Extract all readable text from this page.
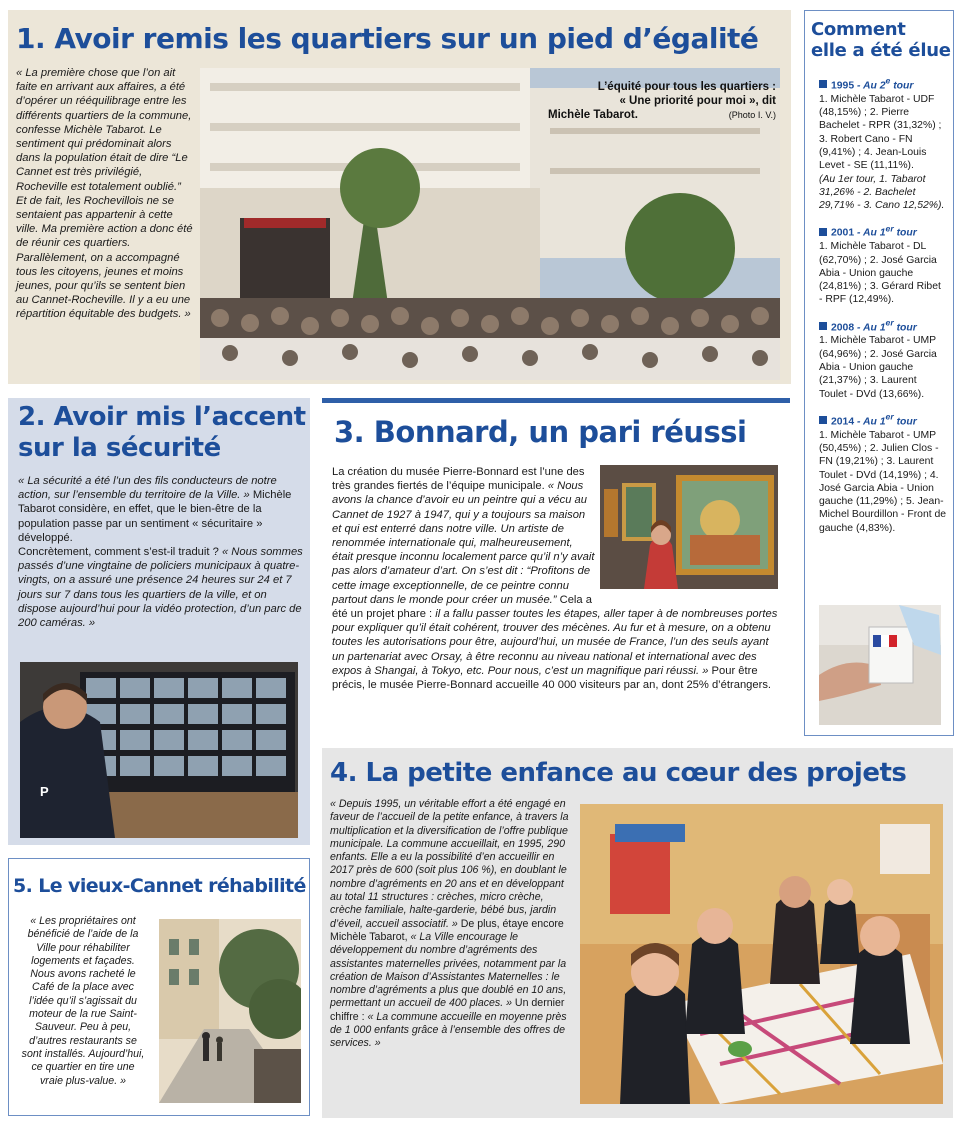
1. Avoir remis les quartiers sur un pied d’égalité
« La première chose que l’on ait faite en arrivant aux affaires, a été d’opérer un rééquilibrage entre les différents quartiers de la commune, confesse Michèle Tabarot. Le sentiment qui prédominait alors dans la population était de dire “Le Cannet est très privilégié, Rocheville est totalement oublié.” Et de fait, les Rochevillois ne se sentaient pas appartenir à cette ville. Ma première action a donc été de réunir ces quartiers. Parallèlement, on a accompagné tous les citoyens, jeunes et moins jeunes, pour qu’ils se sentent bien au Cannet-Rocheville. Il y a eu une répartition équitable des budgets. »
L’équité pour tous les quartiers :
« Une priorité pour moi », dit
Michèle Tabarot.	(Photo I. V.)
2. Avoir mis l’accent
sur la sécurité
« La sécurité a été l’un des fils conducteurs de notre action, sur l’ensemble du territoire de la Ville. » Michèle Tabarot considère, en effet, que le bien-être de la population passe par un sentiment « sécuritaire » développé.
Concrètement, comment s’est-il traduit ? « Nous sommes passés d’une vingtaine de policiers municipaux à quatre-vingts, on a assuré une présence 24 heures sur 24 et 7 jours sur 7 dans tous les quartiers de la ville, et on dispose aujourd’hui pour la vidéo protection, d’un parc de 200 caméras. »
P
3. Bonnard, un pari réussi
La création du musée Pierre-Bonnard est l’une des très grandes fiertés de l’équipe municipale. « Nous avons la chance d’avoir eu un peintre qui a vécu au Cannet de 1927 à 1947, qui y a toujours sa maison et qui est enterré dans notre ville. Un artiste de renommée internationale qui, malheureusement, était presque inconnu localement parce qu’il n’y avait pas alors d’amateur d’art. On s’est dit : “Profitons de cette image exceptionnelle, de ce peintre connu partout dans le monde pour créer un musée.” Cela a été un projet phare : il a fallu passer toutes les étapes, aller taper à de nombreuses portes pour expliquer qu’il était cohérent, trouver des mécènes. Au fur et à mesure, on a obtenu toutes les autorisations pour être, aujourd’hui, un musée de France, l’un des seuls ayant un partenariat avec Orsay, à être reconnu au niveau national et international avec des expos à Shangai, à Tokyo, etc. Pour nous, c’est un magnifique pari réussi. » Pour être précis, le musée Pierre-Bonnard accueille 40 000 visiteurs par an, dont 25% d’étrangers.
Comment
elle a été élue
1995 - Au 2e tour
1. Michèle Tabarot - UDF (48,15%) ; 2. Pierre Bachelet - RPR (31,32%) ; 3. Robert Cano - FN (9,41%) ; 4. Jean-Louis Levet - SE (11,11%).
(Au 1er tour, 1. Tabarot 31,26% - 2. Bachelet 29,71% - 3. Cano 12,52%).
2001 - Au 1er tour
1. Michèle Tabarot - DL (62,70%) ; 2. José Garcia Abia - Union gauche (24,81%) ; 3. Gérard Ribet - RPF (12,49%).
2008 - Au 1er tour
1. Michèle Tabarot - UMP (64,96%) ; 2. José Garcia Abia - Union gauche (21,37%) ; 3. Laurent Toulet - DVd (13,66%).
2014 - Au 1er tour
1. Michèle Tabarot - UMP (50,45%) ; 2. Julien Clos - FN (19,21%) ; 3. Laurent Toulet - DVd (14,19%) ; 4. José Garcia Abia - Union gauche (11,29%) ; 5. Jean-Michel Bourdillon - Front de gauche (4,83%).
4. La petite enfance au cœur des projets
« Depuis 1995, un véritable effort a été engagé en faveur de l’accueil de la petite enfance, à travers la multiplication et la diversification de l’offre publique municipale. La commune accueillait, en 1995, 290 enfants. Elle a eu la possibilité d’en accueillir en 2017 près de 600 (soit plus 106 %), en doublant le nombre d’agréments en 20 ans et en développant au total 11 structures : crèches, micro crèche, crèche familiale, halte-garderie, bébé bus, jardin d’éveil, accueil associatif. » De plus, étaye encore Michèle Tabarot, « La Ville encourage le développement du nombre d’agréments des assistantes maternelles privées, notamment par la création de Maison d’Assistantes Maternelles : le nombre d’agréments a plus que doublé en 10 ans, permettant un accueil de 400 places. » Un dernier chiffre : « La commune accueille en moyenne près de 1 000 enfants grâce à l’ensemble des offres de services. »
5. Le vieux-Cannet réhabilité
« Les propriétaires ont bénéficié de l’aide de la Ville pour réhabiliter logements et façades. Nous avons racheté le Café de la place avec l’idée qu’il s’agissait du moteur de la rue Saint-Sauveur. Peu à peu, d’autres restaurants se sont installés. Aujourd’hui, ce quartier en tire une vraie plus-value. »
